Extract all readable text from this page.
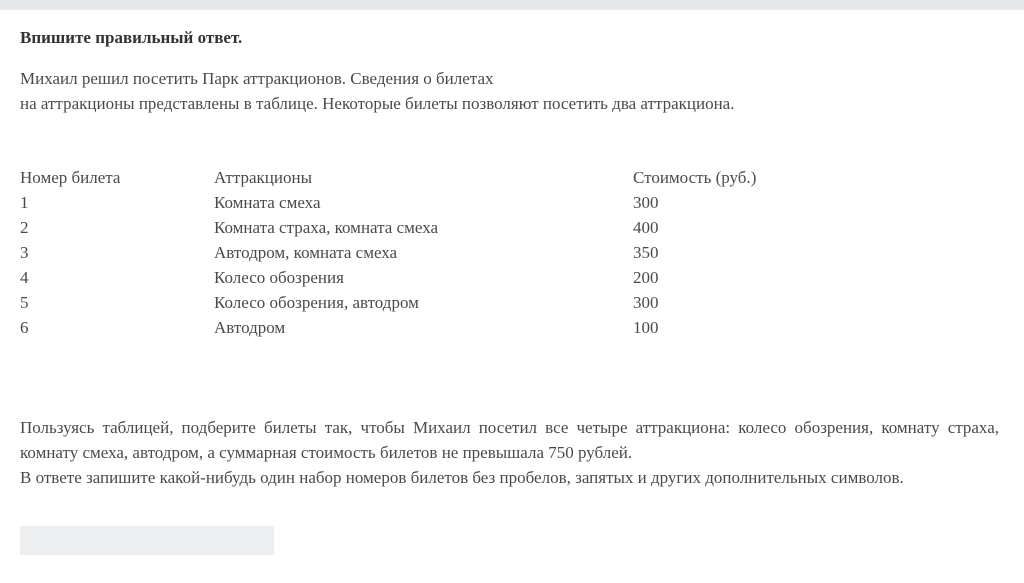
Впишите правильный ответ.
Михаил решил посетить Парк аттракционов. Сведения о билетах
на аттракционы представлены в таблице. Некоторые билеты позволяют посетить два аттракциона.
Номер билета	Аттракционы	Стоимость (руб.)
1	Комната смеха	300
2	Комната страха, комната смеха	400
3	Автодром, комната смеха	350
4	Колесо обозрения	200
5	Колесо обозрения, автодром	300
6	Автодром	100

Пользуясь таблицей, подберите билеты так, чтобы Михаил посетил все четыре аттракциона: колесо обозрения, комнату страха, комнату смеха, автодром, а суммарная стоимость билетов не превышала 750 рублей.

В ответе запишите какой-нибудь один набор номеров билетов без пробелов, запятых и других дополнительных символов.
